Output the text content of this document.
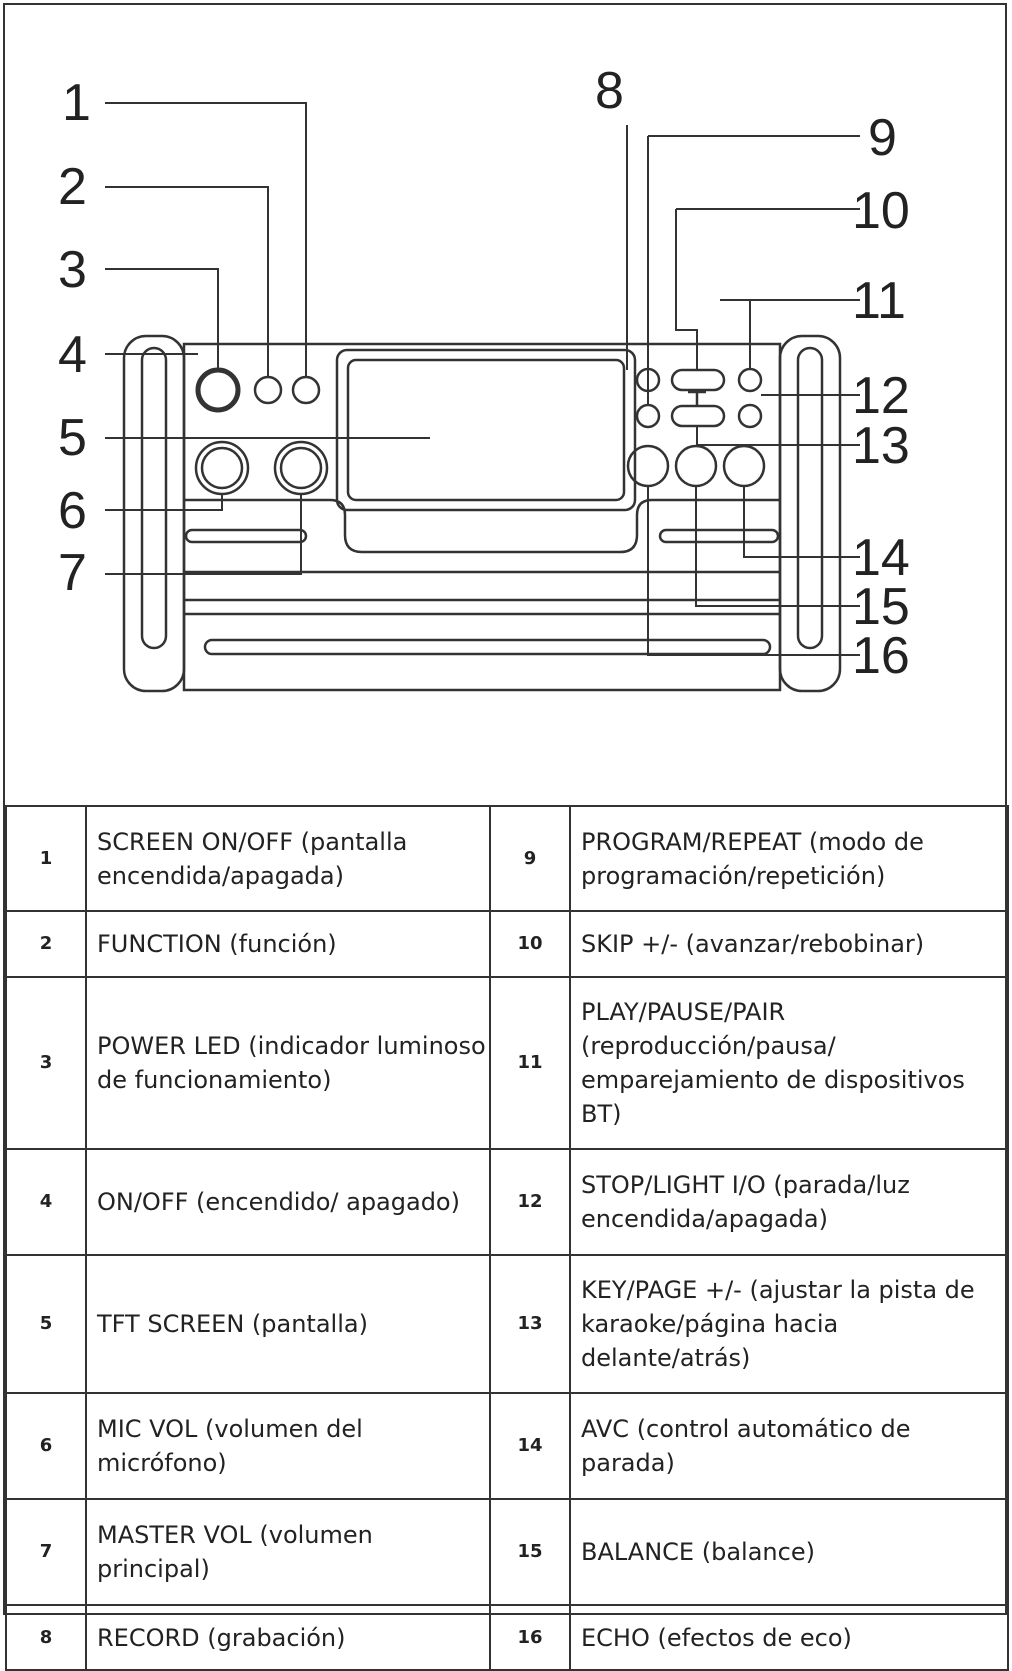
1
2
3
4
5
6
7
8
9
10
11
12
13
14
15
16
1	SCREEN ON/OFF (pantalla encendida/apagada)	9	PROGRAM/REPEAT (modo de programación/repetición)
2	FUNCTION (función)	10	SKIP +/- (avanzar/rebobinar)
3	POWER LED (indicador luminoso de funcionamiento)	11	PLAY/PAUSE/PAIR (reproducción/pausa/ emparejamiento de dispositivos BT)
4	ON/OFF (encendido/ apagado)	12	STOP/LIGHT I/O (parada/luz encendida/apagada)
5	TFT SCREEN (pantalla)	13	KEY/PAGE +/- (ajustar la pista de karaoke/página hacia delante/atrás)
6	MIC VOL (volumen del micrófono)	14	AVC (control automático de parada)
7	MASTER VOL (volumen principal)	15	BALANCE (balance)
8	RECORD (grabación)	16	ECHO (efectos de eco)
